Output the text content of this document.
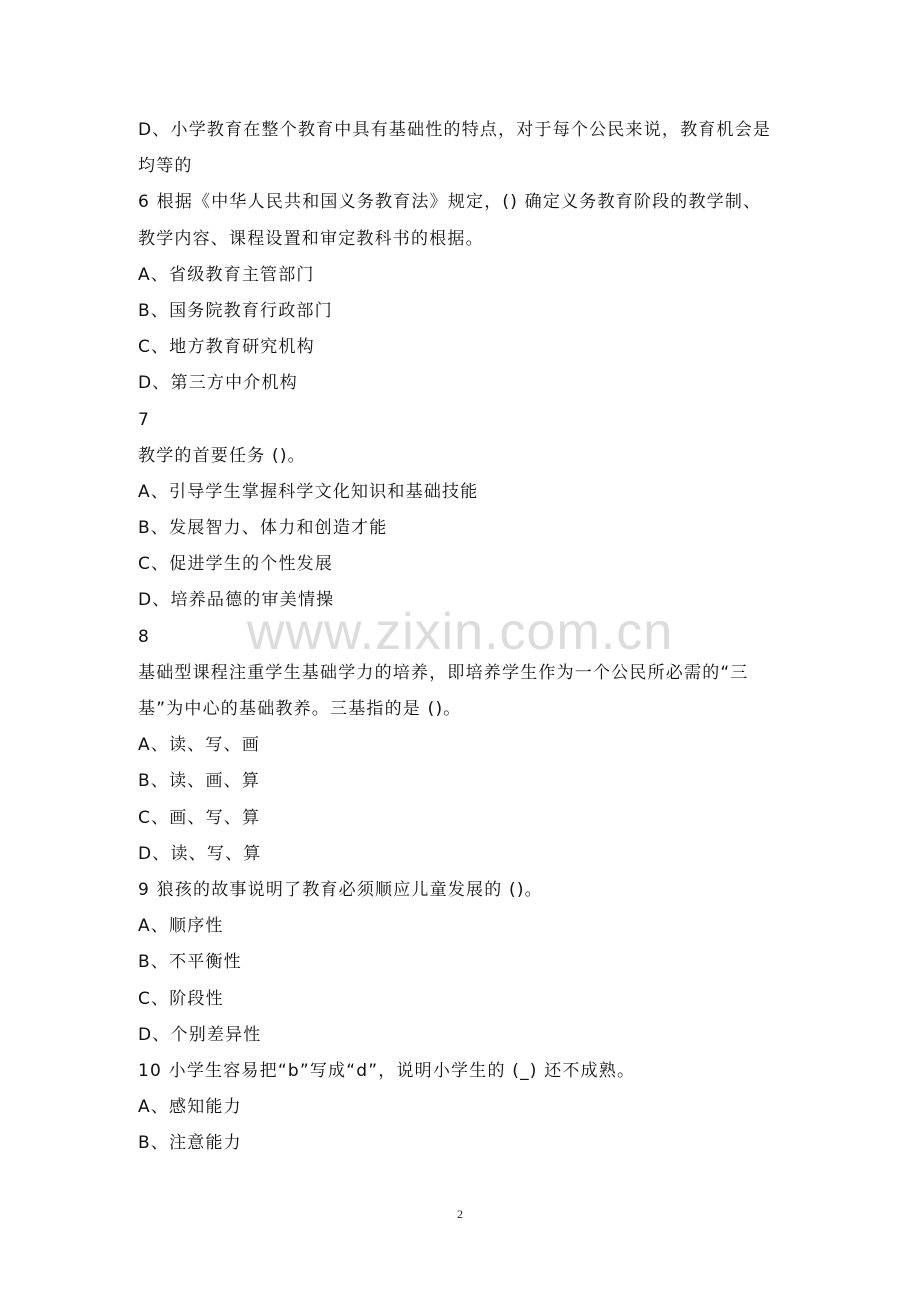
D、小学教育在整个教育中具有基础性的特点，对于每个公民来说，教育机会是
均等的
6 根据《中华人民共和国义务教育法》规定，() 确定义务教育阶段的教学制、
教学内容、课程设置和审定教科书的根据。
A、省级教育主管部门
B、国务院教育行政部门
C、地方教育研究机构
D、第三方中介机构
7
教学的首要任务 ()。
A、引导学生掌握科学文化知识和基础技能
B、发展智力、体力和创造才能
C、促进学生的个性发展
D、培养品德的审美情操
8
基础型课程注重学生基础学力的培养，即培养学生作为一个公民所必需的“三
基”为中心的基础教养。三基指的是 ()。
A、读、写、画
B、读、画、算
C、画、写、算
D、读、写、算
9 狼孩的故事说明了教育必须顺应儿童发展的 ()。
A、顺序性
B、不平衡性
C、阶段性
D、个别差异性
10 小学生容易把“b”写成“d”，说明小学生的 (_) 还不成熟。
A、感知能力
B、注意能力
www.zixin.com.cn
2
